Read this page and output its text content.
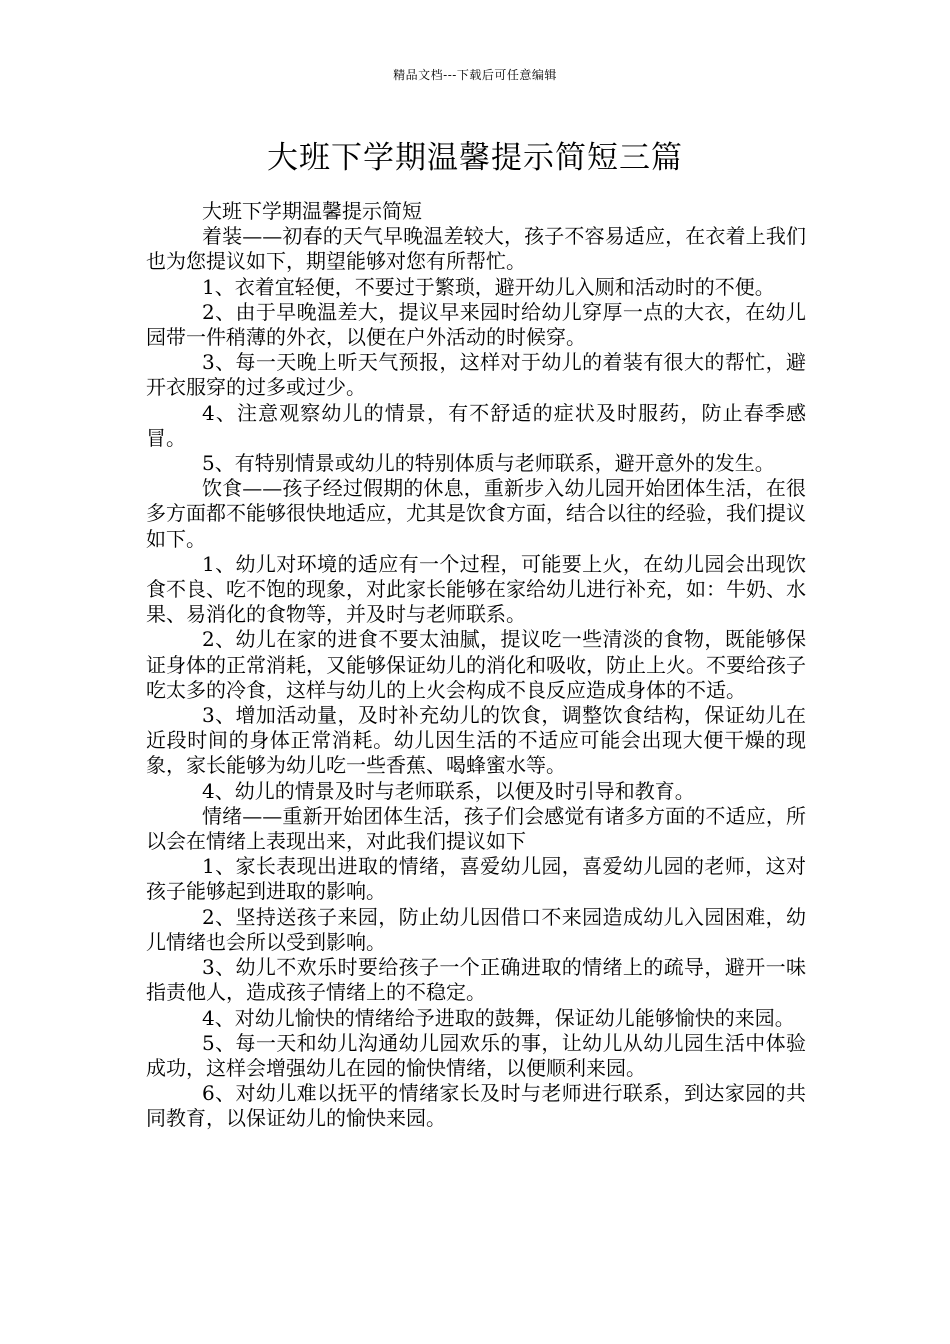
精品文档---下载后可任意编辑
大班下学期温馨提示简短三篇

大班下学期温馨提示简短

着装——初春的天气早晚温差较大，孩子不容易适应，在衣着上我们也为您提议如下，期望能够对您有所帮忙。

1、衣着宜轻便，不要过于繁琐，避开幼儿入厕和活动时的不便。

2、由于早晚温差大，提议早来园时给幼儿穿厚一点的大衣，在幼儿园带一件稍薄的外衣，以便在户外活动的时候穿。

3、每一天晚上听天气预报，这样对于幼儿的着装有很大的帮忙，避开衣服穿的过多或过少。

4、注意观察幼儿的情景，有不舒适的症状及时服药，防止春季感冒。

5、有特别情景或幼儿的特别体质与老师联系，避开意外的发生。

饮食——孩子经过假期的休息，重新步入幼儿园开始团体生活，在很多方面都不能够很快地适应，尤其是饮食方面，结合以往的经验，我们提议如下。

1、幼儿对环境的适应有一个过程，可能要上火，在幼儿园会出现饮食不良、吃不饱的现象，对此家长能够在家给幼儿进行补充，如：牛奶、水果、易消化的食物等，并及时与老师联系。

2、幼儿在家的进食不要太油腻，提议吃一些清淡的食物，既能够保证身体的正常消耗，又能够保证幼儿的消化和吸收，防止上火。不要给孩子吃太多的冷食，这样与幼儿的上火会构成不良反应造成身体的不适。

3、增加活动量，及时补充幼儿的饮食，调整饮食结构，保证幼儿在近段时间的身体正常消耗。幼儿因生活的不适应可能会出现大便干燥的现象，家长能够为幼儿吃一些香蕉、喝蜂蜜水等。

4、幼儿的情景及时与老师联系，以便及时引导和教育。

情绪——重新开始团体生活，孩子们会感觉有诸多方面的不适应，所以会在情绪上表现出来，对此我们提议如下

1、家长表现出进取的情绪，喜爱幼儿园，喜爱幼儿园的老师，这对孩子能够起到进取的影响。

2、坚持送孩子来园，防止幼儿因借口不来园造成幼儿入园困难，幼儿情绪也会所以受到影响。

3、幼儿不欢乐时要给孩子一个正确进取的情绪上的疏导，避开一味指责他人，造成孩子情绪上的不稳定。

4、对幼儿愉快的情绪给予进取的鼓舞，保证幼儿能够愉快的来园。

5、每一天和幼儿沟通幼儿园欢乐的事，让幼儿从幼儿园生活中体验成功，这样会增强幼儿在园的愉快情绪，以便顺利来园。

6、对幼儿难以抚平的情绪家长及时与老师进行联系，到达家园的共同教育，以保证幼儿的愉快来园。
